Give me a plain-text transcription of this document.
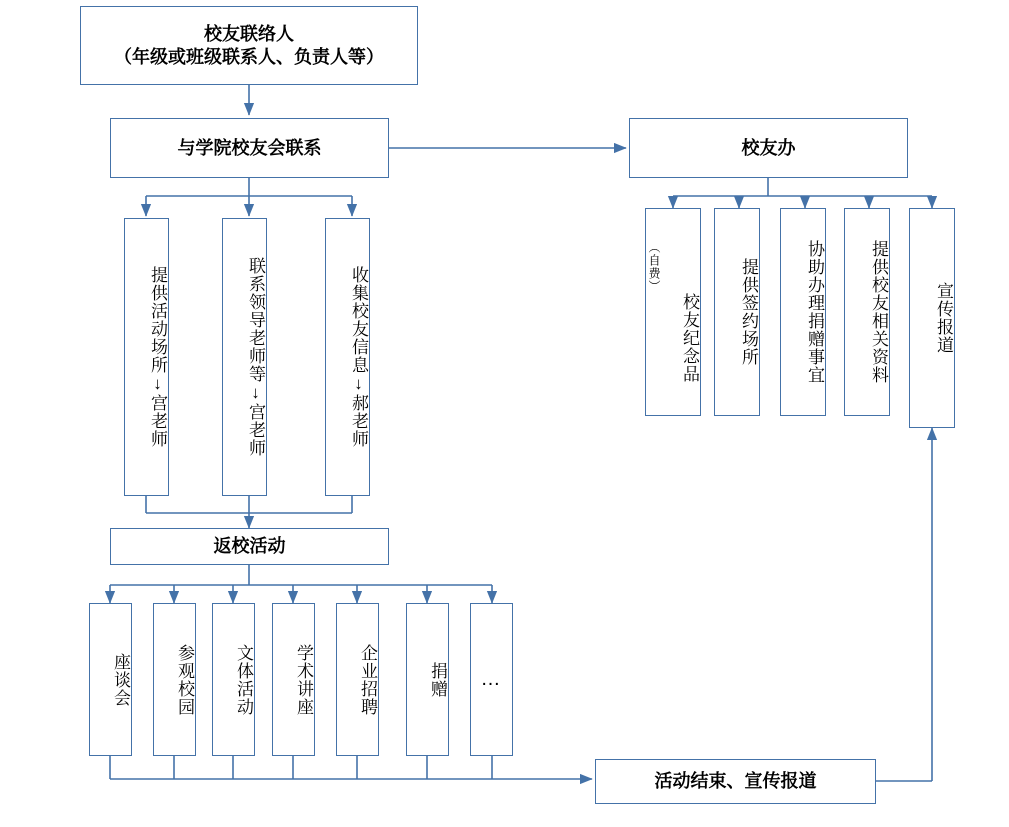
校友联络人
（年级或班级联系人、负责人等）
与学院校友会联系	校友办
提供活动场所↓宫老师	联系领导老师等↓宫老师	收集校友信息↓郝老师	校友纪念品
（自费）	提供签约场所	协助办理捐赠事宜	提供校友相关资料	宣传报道
返校活动
座谈会	参观校园 文体活动 学术讲座	企业招聘	捐赠 …
活动结束、宣传报道
